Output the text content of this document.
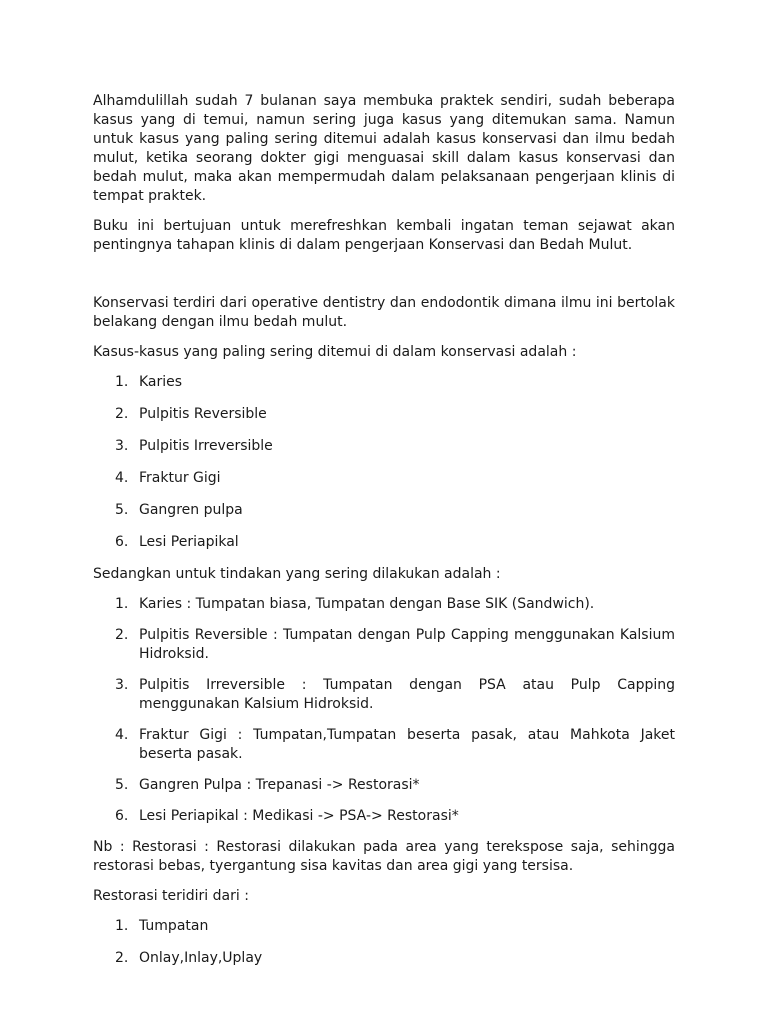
Alhamdulillah sudah 7 bulanan saya membuka praktek sendiri, sudah beberapa kasus yang di temui, namun sering juga kasus yang ditemukan sama. Namun untuk kasus yang paling sering ditemui adalah kasus konservasi dan ilmu bedah mulut, ketika seorang dokter gigi menguasai skill dalam kasus konservasi dan bedah mulut, maka akan mempermudah dalam pelaksanaan pengerjaan klinis di tempat praktek.

Buku ini bertujuan untuk merefreshkan kembali ingatan teman sejawat akan pentingnya tahapan klinis di dalam pengerjaan Konservasi dan Bedah Mulut.

Konservasi terdiri dari operative dentistry dan endodontik dimana ilmu ini bertolak belakang dengan ilmu bedah mulut.

Kasus-kasus yang paling sering ditemui di dalam konservasi adalah :

1. Karies
2. Pulpitis Reversible
3. Pulpitis Irreversible
4. Fraktur Gigi
5. Gangren pulpa
6. Lesi Periapikal

Sedangkan untuk tindakan yang sering dilakukan adalah :

1. Karies : Tumpatan biasa, Tumpatan dengan Base SIK (Sandwich).
2. Pulpitis Reversible : Tumpatan dengan Pulp Capping menggunakan Kalsium Hidroksid.
3. Pulpitis Irreversible : Tumpatan dengan PSA atau Pulp Capping menggunakan Kalsium Hidroksid.
4. Fraktur Gigi : Tumpatan,Tumpatan beserta pasak, atau Mahkota Jaket beserta pasak.
5. Gangren Pulpa : Trepanasi -> Restorasi*
6. Lesi Periapikal : Medikasi -> PSA-> Restorasi*

Nb : Restorasi : Restorasi dilakukan pada area yang terekspose saja, sehingga restorasi bebas, tyergantung sisa kavitas dan area gigi yang tersisa.

Restorasi teridiri dari :

1. Tumpatan
2. Onlay,Inlay,Uplay
